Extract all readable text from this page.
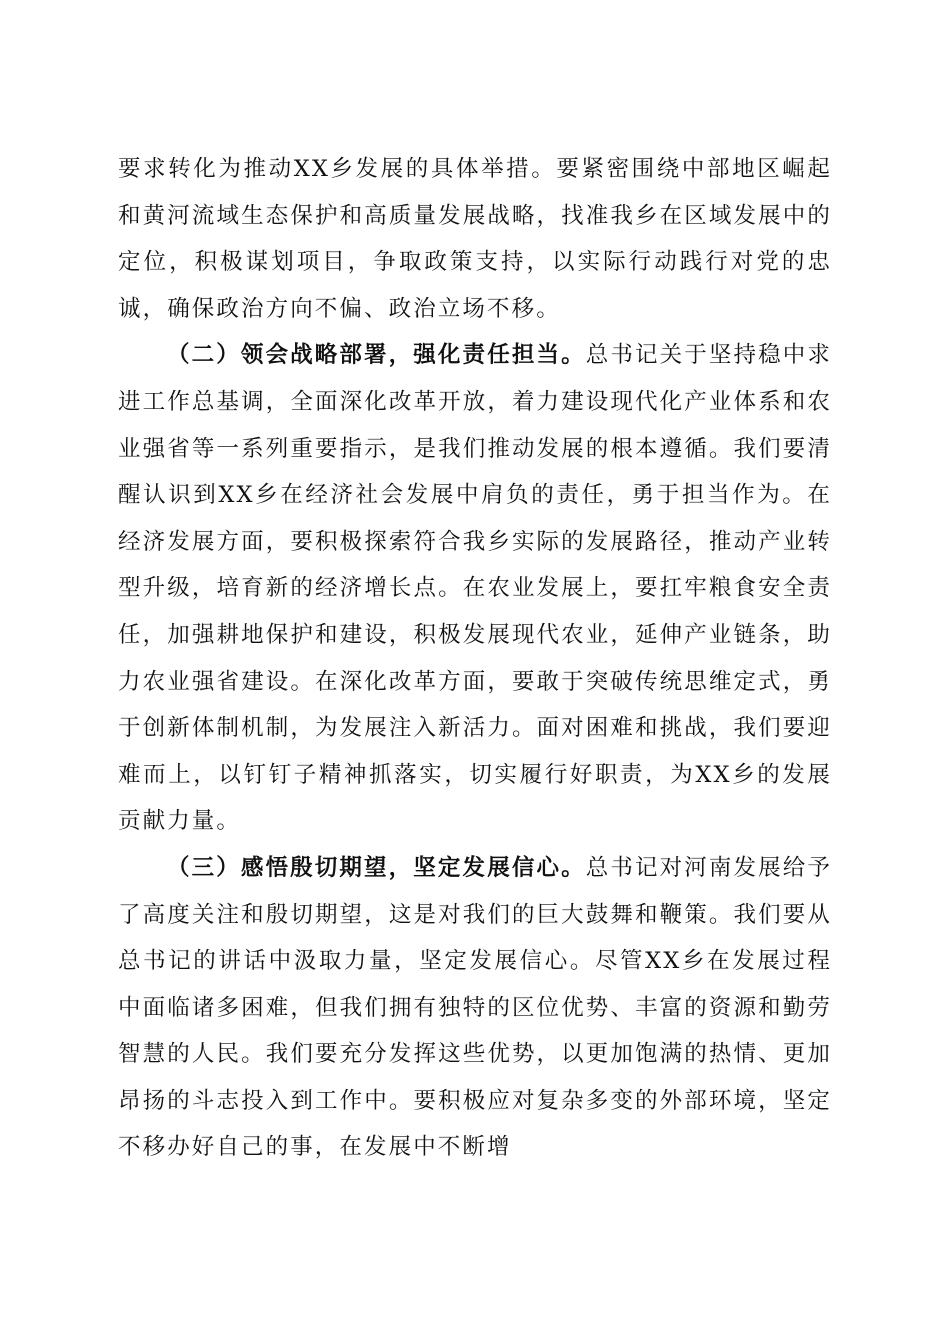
要求转化为推动XX乡发展的具体举措。要紧密围绕中部地区崛起和黄河流域生态保护和高质量发展战略，找准我乡在区域发展中的定位，积极谋划项目，争取政策支持，以实际行动践行对党的忠诚，确保政治方向不偏、政治立场不移。

（二）领会战略部署，强化责任担当。总书记关于坚持稳中求进工作总基调，全面深化改革开放，着力建设现代化产业体系和农业强省等一系列重要指示，是我们推动发展的根本遵循。我们要清醒认识到XX乡在经济社会发展中肩负的责任，勇于担当作为。在经济发展方面，要积极探索符合我乡实际的发展路径，推动产业转型升级，培育新的经济增长点。在农业发展上，要扛牢粮食安全责任，加强耕地保护和建设，积极发展现代农业，延伸产业链条，助力农业强省建设。在深化改革方面，要敢于突破传统思维定式，勇于创新体制机制，为发展注入新活力。面对困难和挑战，我们要迎难而上，以钉钉子精神抓落实，切实履行好职责，为XX乡的发展贡献力量。

（三）感悟殷切期望，坚定发展信心。总书记对河南发展给予了高度关注和殷切期望，这是对我们的巨大鼓舞和鞭策。我们要从总书记的讲话中汲取力量，坚定发展信心。尽管XX乡在发展过程中面临诸多困难，但我们拥有独特的区位优势、丰富的资源和勤劳智慧的人民。我们要充分发挥这些优势，以更加饱满的热情、更加昂扬的斗志投入到工作中。要积极应对复杂多变的外部环境，坚定不移办好自己的事，在发展中不断增
